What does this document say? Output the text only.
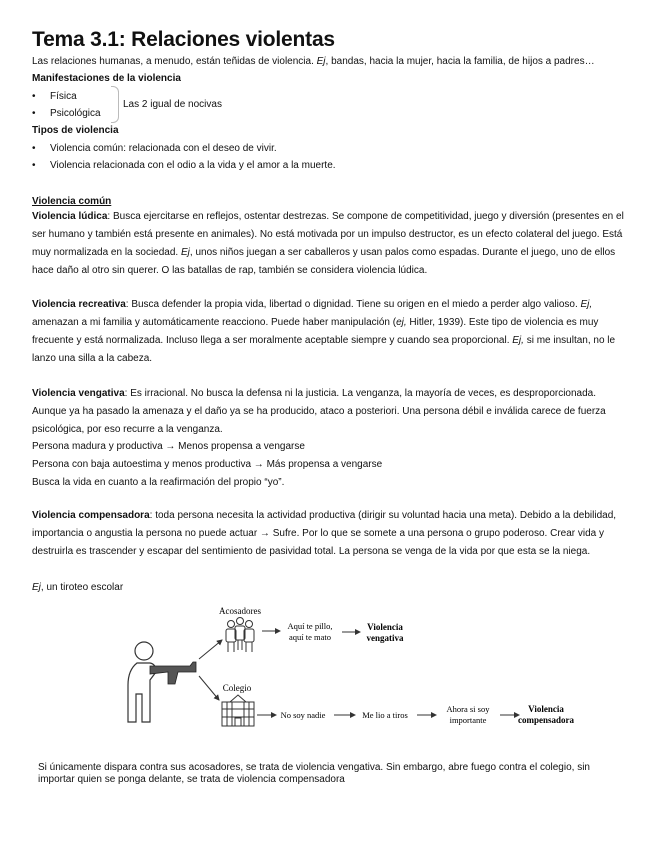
Tema 3.1: Relaciones violentas
Las relaciones humanas, a menudo, están teñidas de violencia. Ej, bandas, hacia la mujer, hacia la familia, de hijos a padres…
Manifestaciones de la violencia
• Física
• Psicológica
Las 2 igual de nocivas
Tipos de violencia
• Violencia común: relacionada con el deseo de vivir.
• Violencia relacionada con el odio a la vida y el amor a la muerte.
Violencia común
Violencia lúdica: Busca ejercitarse en reflejos, ostentar destrezas. Se compone de competitividad, juego y diversión (presentes en el ser humano y también está presente en animales). No está motivada por un impulso destructor, es un efecto colateral del juego. Está muy normalizada en la sociedad. Ej, unos niños juegan a ser caballeros y usan palos como espadas. Durante el juego, uno de ellos hace daño al otro sin querer. O las batallas de rap, también se considera violencia lúdica.
Violencia recreativa: Busca defender la propia vida, libertad o dignidad. Tiene su origen en el miedo a perder algo valioso. Ej, amenazan a mi familia y automáticamente reacciono. Puede haber manipulación (ej, Hitler, 1939). Este tipo de violencia es muy frecuente y está normalizada. Incluso llega a ser moralmente aceptable siempre y cuando sea proporcional. Ej, si me insultan, no le lanzo una silla a la cabeza.
Violencia vengativa: Es irracional. No busca la defensa ni la justicia. La venganza, la mayoría de veces, es desproporcionada. Aunque ya ha pasado la amenaza y el daño ya se ha producido, ataco a posteriori. Una persona débil e inválida carece de fuerza psicológica, por eso recurre a la venganza.
Persona madura y productiva → Menos propensa a vengarse
Persona con baja autoestima y menos productiva → Más propensa a vengarse
Busca la vida en cuanto a la reafirmación del propio “yo”.
Violencia compensadora: toda persona necesita la actividad productiva (dirigir su voluntad hacia una meta). Debido a la debilidad, importancia o angustia la persona no puede actuar → Sufre. Por lo que se somete a una persona o grupo poderoso. Crear vida y destruirla es trascender y escapar del sentimiento de pasividad total. La persona se venga de la vida por que esta se la niega.
Ej, un tiroteo escolar
Acosadores
Aquí te pillo,
aquí te mato
Violencia
vengativa
Colegio
No soy nadie	Me lio a tiros
Ahora si soy
importante
Violencia
compensadora
Si únicamente dispara contra sus acosadores, se trata de violencia vengativa. Sin embargo, abre fuego contra el colegio, sin importar quien se ponga delante, se trata de violencia compensadora
